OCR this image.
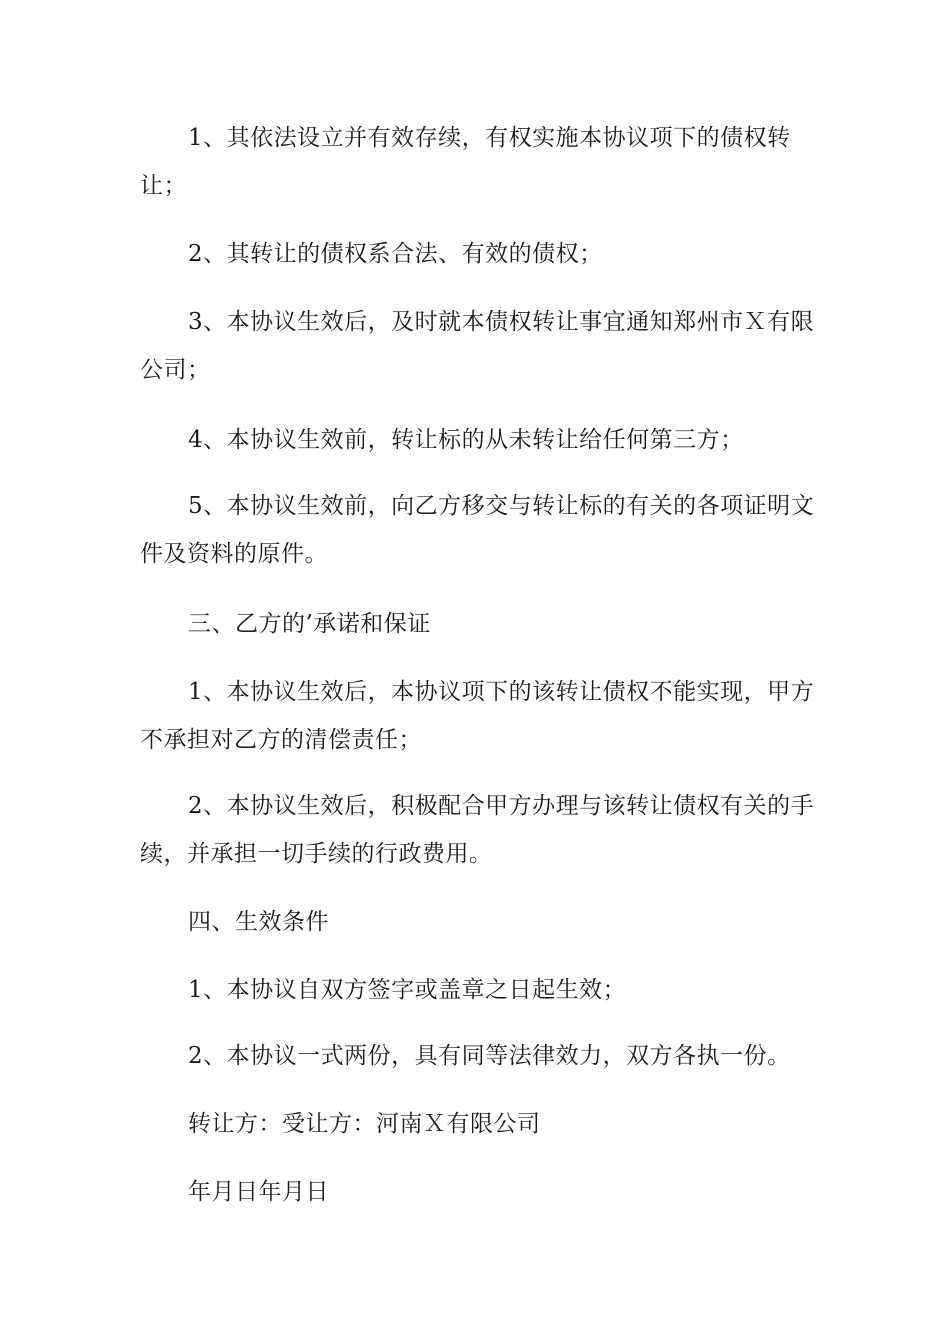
1、其依法设立并有效存续，有权实施本协议项下的债权转让；

2、其转让的债权系合法、有效的债权；

3、本协议生效后，及时就本债权转让事宜通知郑州市Ｘ有限公司；

4、本协议生效前，转让标的从未转让给任何第三方；

5、本协议生效前，向乙方移交与转让标的有关的各项证明文件及资料的原件。

三、乙方的’承诺和保证

1、本协议生效后，本协议项下的该转让债权不能实现，甲方不承担对乙方的清偿责任；

2、本协议生效后，积极配合甲方办理与该转让债权有关的手续，并承担一切手续的行政费用。

四、生效条件

1、本协议自双方签字或盖章之日起生效；

2、本协议一式两份，具有同等法律效力，双方各执一份。

转让方：受让方：河南Ｘ有限公司

年月日年月日
